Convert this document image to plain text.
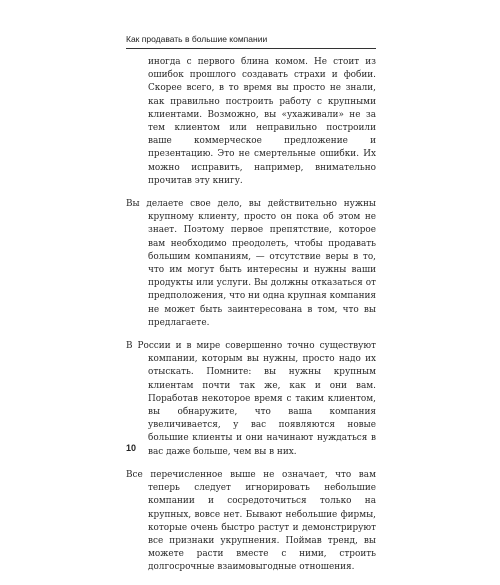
Как продавать в большие компании

иногда с первого блина комом. Не стоит из ошибок прошлого создавать страхи и фобии. Скорее всего, в то время вы просто не знали, как правильно построить работу с крупными клиентами. Возможно, вы «ухаживали» не за тем клиентом или неправильно построили ваше коммерческое предложение и презентацию. Это не смертельные ошибки. Их можно исправить, например, внимательно прочитав эту книгу.

Вы делаете свое дело, вы действительно нужны крупному клиенту, просто он пока об этом не знает. Поэтому первое препятствие, которое вам необходимо преодолеть, чтобы продавать большим компаниям, — отсутствие веры в то, что им могут быть интересны и нужны ваши продукты или услуги. Вы должны отказаться от предположения, что ни одна крупная компания не может быть заинтересована в том, что вы предлагаете.

В России и в мире совершенно точно существуют компании, которым вы нужны, просто надо их отыскать. Помните: вы нужны крупным клиентам почти так же, как и они вам. Поработав некоторое время с таким клиентом, вы обнаружите, что ваша компания увеличивается, у вас появляются новые большие клиенты и они начинают нуждаться в вас даже больше, чем вы в них.

Все перечисленное выше не означает, что вам теперь следует игнорировать небольшие компании и сосредоточиться только на крупных, вовсе нет. Бывают небольшие фирмы, которые очень быстро растут и демонстрируют все признаки укрупнения. Поймав тренд, вы можете расти вместе с ними, строить долгосрочные взаимовыгодные отношения.

10
